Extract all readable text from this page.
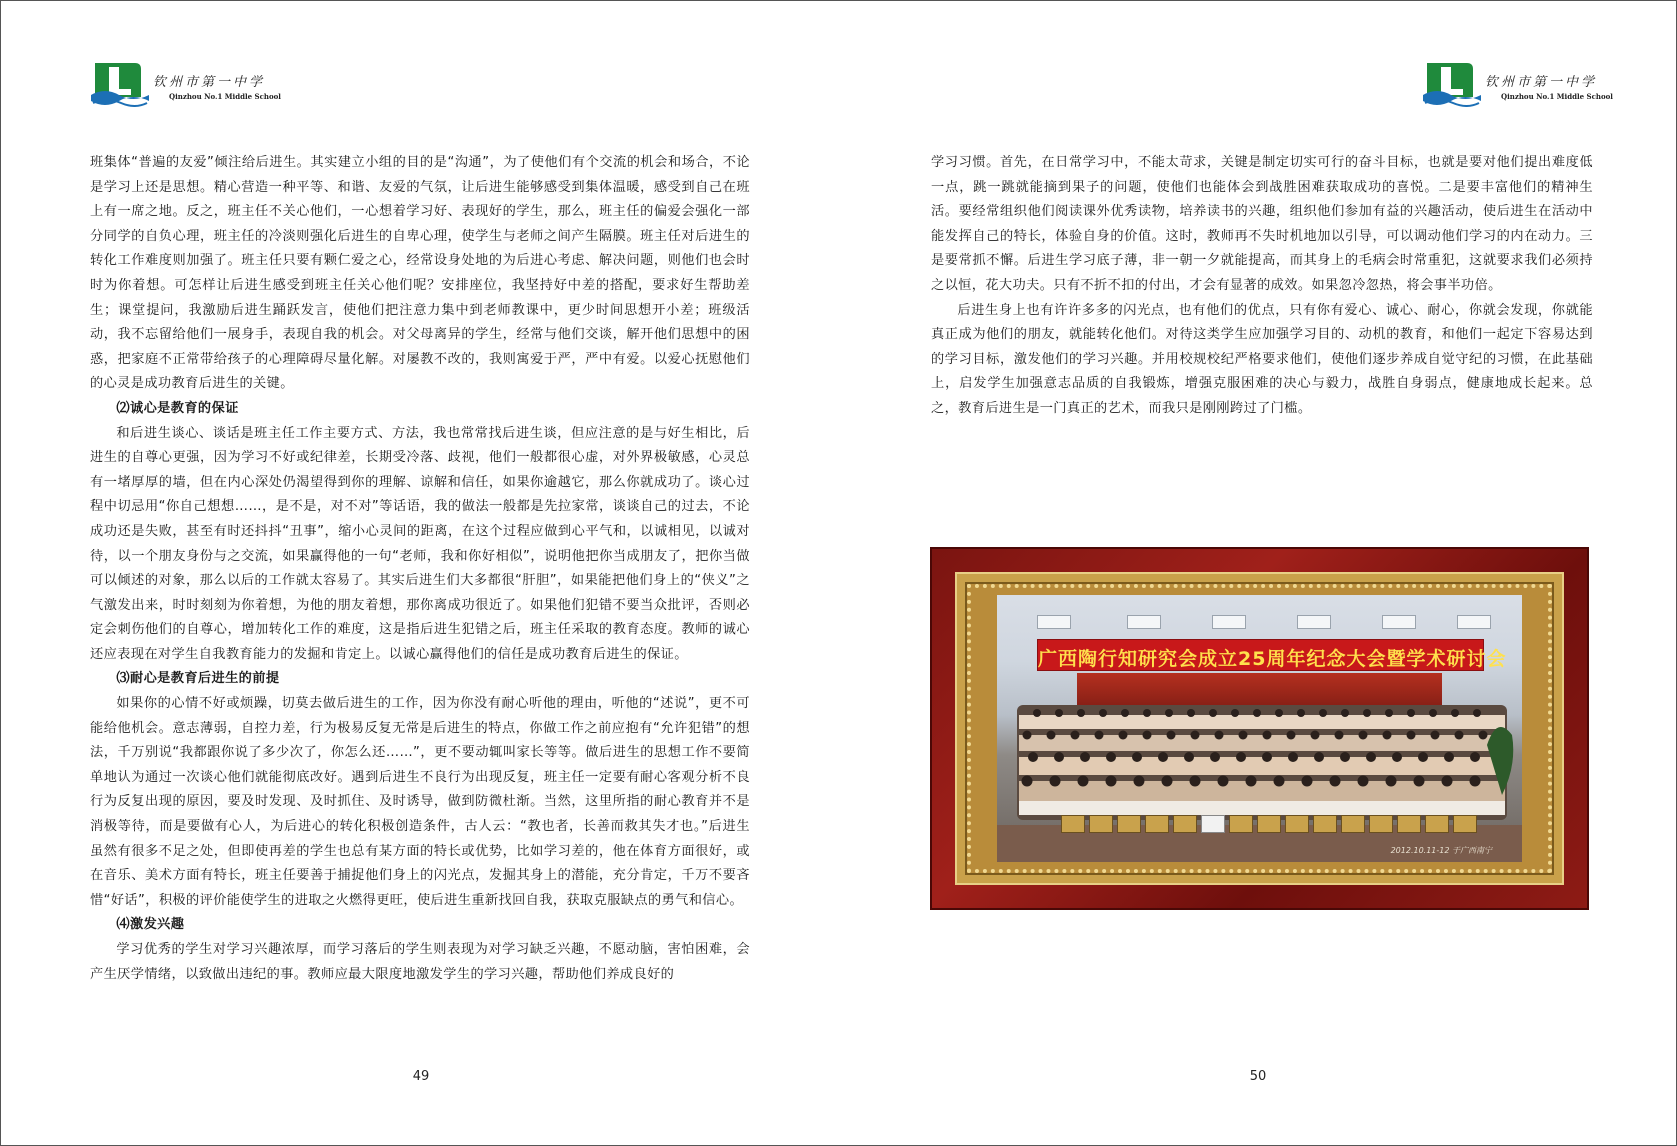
钦州市第一中学
Qinzhou No.1 Middle School

班集体“普遍的友爱”倾注给后进生。其实建立小组的目的是“沟通”，为了使他们有个交流的机会和场合，不论是学习上还是思想。精心营造一种平等、和谐、友爱的气氛，让后进生能够感受到集体温暖，感受到自己在班上有一席之地。反之，班主任不关心他们，一心想着学习好、表现好的学生，那么，班主任的偏爱会强化一部分同学的自负心理，班主任的冷淡则强化后进生的自卑心理，使学生与老师之间产生隔膜。班主任对后进生的转化工作难度则加强了。班主任只要有颗仁爱之心，经常设身处地的为后进心考虑、解决问题，则他们也会时时为你着想。可怎样让后进生感受到班主任关心他们呢？安排座位，我坚持好中差的搭配，要求好生帮助差生；课堂提问，我激励后进生踊跃发言，使他们把注意力集中到老师教课中，更少时间思想开小差；班级活动，我不忘留给他们一展身手，表现自我的机会。对父母离异的学生，经常与他们交谈，解开他们思想中的困惑，把家庭不正常带给孩子的心理障碍尽量化解。对屡教不改的，我则寓爱于严，严中有爱。以爱心抚慰他们的心灵是成功教育后进生的关键。

⑵诚心是教育的保证

和后进生谈心、谈话是班主任工作主要方式、方法，我也常常找后进生谈，但应注意的是与好生相比，后进生的自尊心更强，因为学习不好或纪律差，长期受冷落、歧视，他们一般都很心虚，对外界极敏感，心灵总有一堵厚厚的墙，但在内心深处仍渴望得到你的理解、谅解和信任，如果你逾越它，那么你就成功了。谈心过程中切忌用“你自己想想……，是不是，对不对”等话语，我的做法一般都是先拉家常，谈谈自己的过去，不论成功还是失败，甚至有时还抖抖“丑事”，缩小心灵间的距离，在这个过程应做到心平气和，以诚相见，以诚对待，以一个朋友身份与之交流，如果赢得他的一句“老师，我和你好相似”，说明他把你当成朋友了，把你当做可以倾述的对象，那么以后的工作就太容易了。其实后进生们大多都很“肝胆”，如果能把他们身上的“侠义”之气激发出来，时时刻刻为你着想，为他的朋友着想，那你离成功很近了。如果他们犯错不要当众批评，否则必定会刺伤他们的自尊心，增加转化工作的难度，这是指后进生犯错之后，班主任采取的教育态度。教师的诚心还应表现在对学生自我教育能力的发掘和肯定上。以诚心赢得他们的信任是成功教育后进生的保证。

⑶耐心是教育后进生的前提

如果你的心情不好或烦躁，切莫去做后进生的工作，因为你没有耐心听他的理由，听他的“述说”，更不可能给他机会。意志薄弱，自控力差，行为极易反复无常是后进生的特点，你做工作之前应抱有“允许犯错”的想法，千万别说“我都跟你说了多少次了，你怎么还……”，更不要动辄叫家长等等。做后进生的思想工作不要简单地认为通过一次谈心他们就能彻底改好。遇到后进生不良行为出现反复，班主任一定要有耐心客观分析不良行为反复出现的原因，要及时发现、及时抓住、及时诱导，做到防微杜渐。当然，这里所指的耐心教育并不是消极等待，而是要做有心人，为后进心的转化积极创造条件，古人云：“教也者，长善而救其失才也。”后进生虽然有很多不足之处，但即使再差的学生也总有某方面的特长或优势，比如学习差的，他在体育方面很好，或在音乐、美术方面有特长，班主任要善于捕捉他们身上的闪光点，发掘其身上的潜能，充分肯定，千万不要吝惜“好话”，积极的评价能使学生的进取之火燃得更旺，使后进生重新找回自我，获取克服缺点的勇气和信心。

⑷激发兴趣

学习优秀的学生对学习兴趣浓厚，而学习落后的学生则表现为对学习缺乏兴趣，不愿动脑，害怕困难，会产生厌学情绪，以致做出违纪的事。教师应最大限度地激发学生的学习兴趣，帮助他们养成良好的

49
钦州市第一中学
Qinzhou No.1 Middle School

学习习惯。首先，在日常学习中，不能太苛求，关键是制定切实可行的奋斗目标，也就是要对他们提出难度低一点，跳一跳就能摘到果子的问题，使他们也能体会到战胜困难获取成功的喜悦。二是要丰富他们的精神生活。要经常组织他们阅读课外优秀读物，培养读书的兴趣，组织他们参加有益的兴趣活动，使后进生在活动中能发挥自己的特长，体验自身的价值。这时，教师再不失时机地加以引导，可以调动他们学习的内在动力。三是要常抓不懈。后进生学习底子薄，非一朝一夕就能提高，而其身上的毛病会时常重犯，这就要求我们必须持之以恒，花大功夫。只有不折不扣的付出，才会有显著的成效。如果忽冷忽热，将会事半功倍。

后进生身上也有许许多多的闪光点，也有他们的优点，只有你有爱心、诚心、耐心，你就会发现，你就能真正成为他们的朋友，就能转化他们。对待这类学生应加强学习目的、动机的教育，和他们一起定下容易达到的学习目标，激发他们的学习兴趣。并用校规校纪严格要求他们，使他们逐步养成自觉守纪的习惯，在此基础上，启发学生加强意志品质的自我锻炼，增强克服困难的决心与毅力，战胜自身弱点，健康地成长起来。总之，教育后进生是一门真正的艺术，而我只是刚刚跨过了门槛。

50
广西陶行知研究会成立25周年纪念大会暨学术研讨会
2012.10.11-12 于广西南宁
